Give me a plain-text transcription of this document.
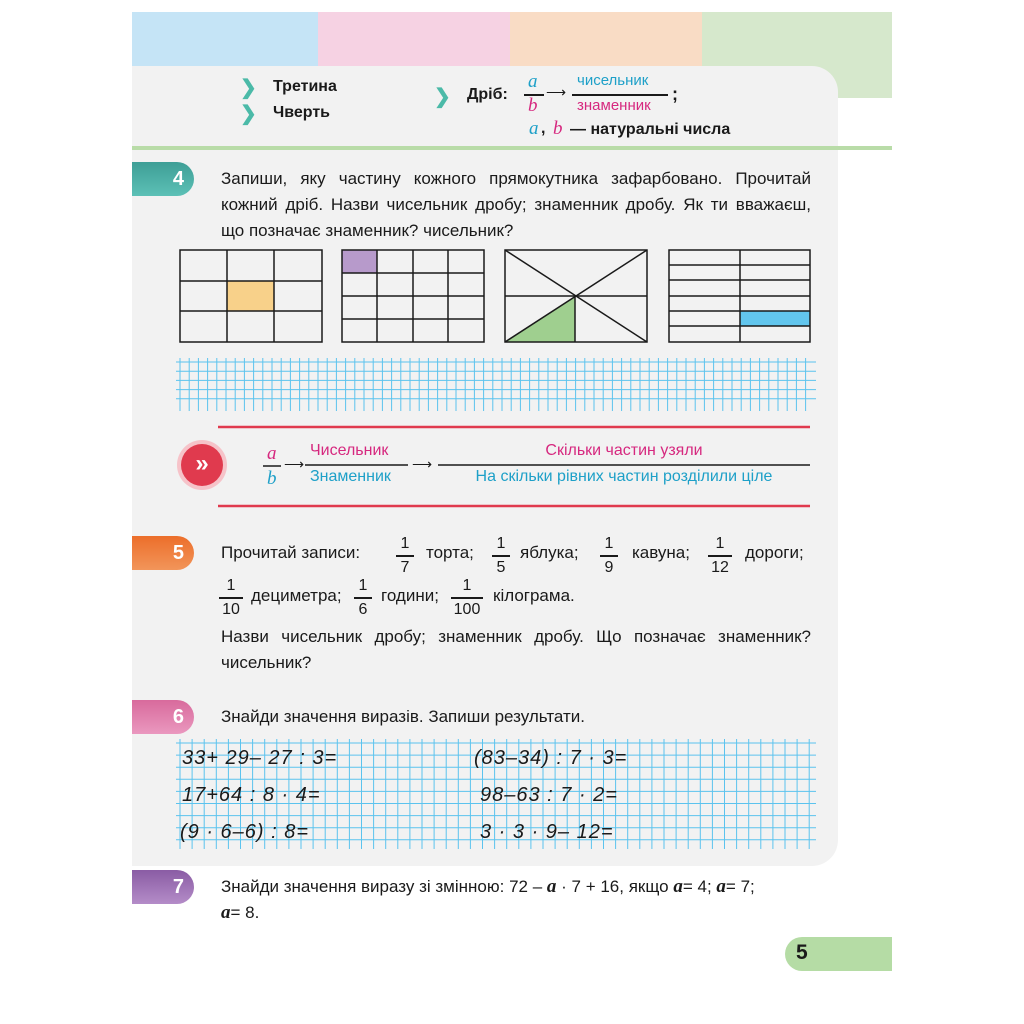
❯ Третина
❯ Чверть
❯ Дріб:
a
b
⟶
чисельник
знаменник
;
a , b — натуральні числа
4	Запиши, яку частину кожного прямокутника зафарбовано. Прочитай кожний дріб. Назви чисельник дробу; знаменник дробу. Як ти вважаєш, що позначає знаменник? чисельник?
»	a
b
⟶
Чисельник
Знаменник
⟶
Скільки частин узяли
На скільки рівних частин розділили ціле
5	Прочитай записи:	1
7
торта; 1
5
яблука; 1
9
кавуна;	1
12
дороги;
1
10
дециметра;
1
6
години;
1
100
кілограма.
Назви чисельник дробу; знаменник дробу. Що позначає знаменник? чисельник?
6	Знайди значення виразів. Запиши результати.
33+ 29– 27 : 3=	(83–34) : 7 · 3=
17+64 : 8 · 4=	98–63 : 7 · 2=
(9 · 6–6) : 8=	3 · 3 · 9– 12=
7	Знайди значення виразу зі змінною: 72 – a · 7 + 16, якщо a= 4; a= 7;
a= 8.
5
